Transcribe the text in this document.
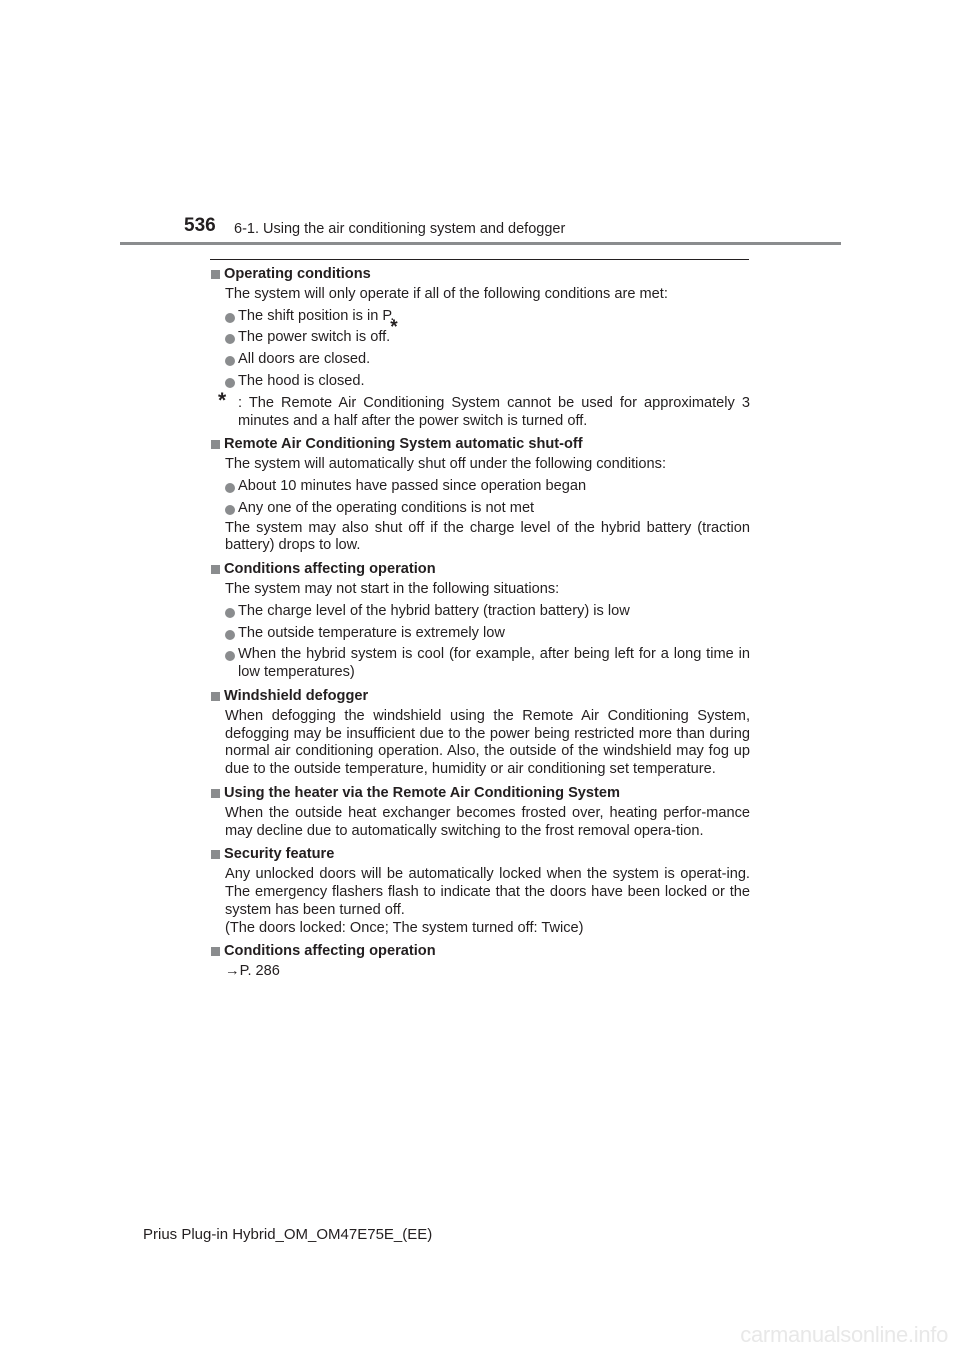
536 6-1. Using the air conditioning system and defogger
Operating conditions
The system will only operate if all of the following conditions are met:
The shift position is in P.
The power switch is off.*
All doors are closed.
The hood is closed.
* : The Remote Air Conditioning System cannot be used for approximately 3 minutes and a half after the power switch is turned off.
Remote Air Conditioning System automatic shut-off
The system will automatically shut off under the following conditions:
About 10 minutes have passed since operation began
Any one of the operating conditions is not met
The system may also shut off if the charge level of the hybrid battery (traction battery) drops to low.
Conditions affecting operation
The system may not start in the following situations:
The charge level of the hybrid battery (traction battery) is low
The outside temperature is extremely low
When the hybrid system is cool (for example, after being left for a long time in low temperatures)
Windshield defogger
When defogging the windshield using the Remote Air Conditioning System, defogging may be insufficient due to the power being restricted more than during normal air conditioning operation. Also, the outside of the windshield may fog up due to the outside temperature, humidity or air conditioning set temperature.
Using the heater via the Remote Air Conditioning System
When the outside heat exchanger becomes frosted over, heating perfor-mance may decline due to automatically switching to the frost removal opera-tion.
Security feature
Any unlocked doors will be automatically locked when the system is operat-ing. The emergency flashers flash to indicate that the doors have been locked or the system has been turned off.
(The doors locked: Once; The system turned off: Twice)
Conditions affecting operation
→P. 286
Prius Plug-in Hybrid_OM_OM47E75E_(EE)
carmanualsonline.info
